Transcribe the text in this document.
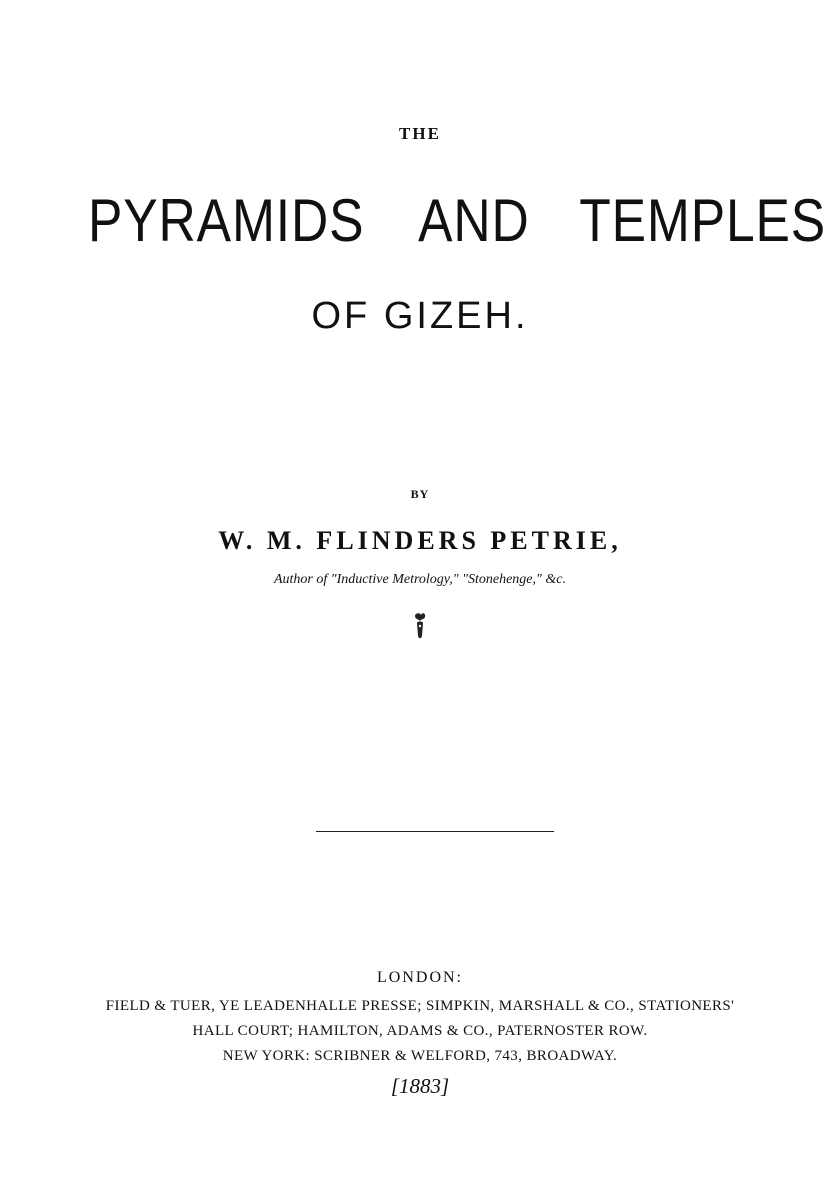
THE
PYRAMIDS AND TEMPLES
OF GIZEH.
BY
W. M. FLINDERS PETRIE,
Author of "Inductive Metrology," "Stonehenge," &c.
LONDON:
FIELD & TUER, YE LEADENHALLE PRESSE; SIMPKIN, MARSHALL & CO., STATIONERS'
HALL COURT; HAMILTON, ADAMS & CO., PATERNOSTER ROW.
NEW YORK: SCRIBNER & WELFORD, 743, BROADWAY.
[1883]
